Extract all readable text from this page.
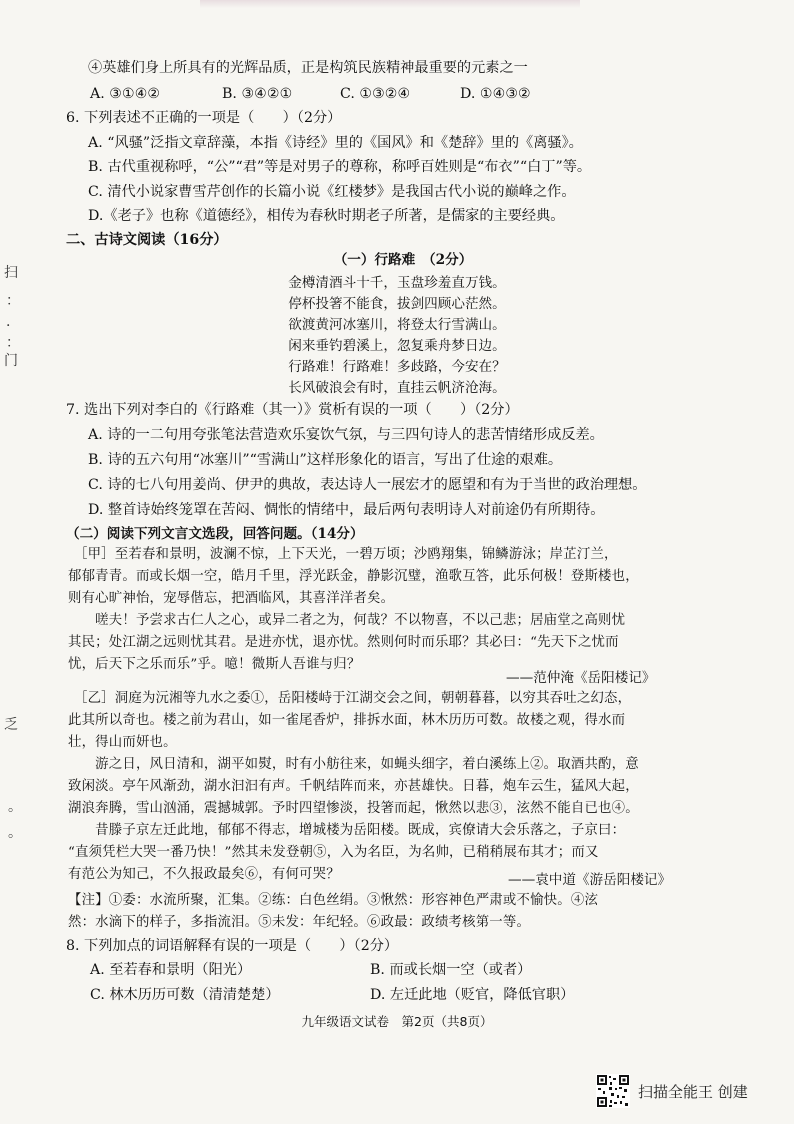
扫
：
·
：
门
乏
。
。
④英雄们身上所具有的光辉品质，正是构筑民族精神最重要的元素之一
A. ③①④②	B. ③④②①	C. ①③②④	D. ①④③②
6. 下列表述不正确的一项是（　　）（2分）
A. “风骚”泛指文章辞藻，本指《诗经》里的《国风》和《楚辞》里的《离骚》。
B. 古代重视称呼，“公”“君”等是对男子的尊称，称呼百姓则是“布衣”“白丁”等。
C. 清代小说家曹雪芹创作的长篇小说《红楼梦》是我国古代小说的巅峰之作。
D.《老子》也称《道德经》，相传为春秋时期老子所著，是儒家的主要经典。
二、古诗文阅读（16分）
（一）行路难　（2分）
金樽清酒斗十千，玉盘珍羞直万钱。
停杯投箸不能食，拔剑四顾心茫然。
欲渡黄河冰塞川，将登太行雪满山。
闲来垂钓碧溪上，忽复乘舟梦日边。
行路难！行路难！多歧路，今安在？
长风破浪会有时，直挂云帆济沧海。
7. 选出下列对李白的《行路难（其一）》赏析有误的一项（　　）（2分）
A. 诗的一二句用夸张笔法营造欢乐宴饮气氛，与三四句诗人的悲苦情绪形成反差。
B. 诗的五六句用“冰塞川”“雪满山”这样形象化的语言，写出了仕途的艰难。
C. 诗的七八句用姜尚、伊尹的典故，表达诗人一展宏才的愿望和有为于当世的政治理想。
D. 整首诗始终笼罩在苦闷、惆怅的情绪中，最后两句表明诗人对前途仍有所期待。
（二）阅读下列文言文选段，回答问题。（14分）
［甲］至若春和景明，波澜不惊，上下天光，一碧万顷；沙鸥翔集，锦鳞游泳；岸芷汀兰，
郁郁青青。而或长烟一空，皓月千里，浮光跃金，静影沉璧，渔歌互答，此乐何极！登斯楼也，
则有心旷神怡，宠辱偕忘，把酒临风，其喜洋洋者矣。
　　嗟夫！予尝求古仁人之心，或异二者之为，何哉？不以物喜，不以己悲；居庙堂之高则忧
其民；处江湖之远则忧其君。是进亦忧，退亦忧。然则何时而乐耶？其必曰：“先天下之忧而
忧，后天下之乐而乐”乎。噫！微斯人吾谁与归？
——范仲淹《岳阳楼记》
［乙］洞庭为沅湘等九水之委①，岳阳楼峙于江湖交会之间，朝朝暮暮，以穷其吞吐之幻态，
此其所以奇也。楼之前为君山，如一雀尾香炉，排拆水面，林木历历可数。故楼之观，得水而
壮，得山而妍也。
　　游之日，风日清和，湖平如熨，时有小舫往来，如蝇头细字，着白溪练上②。取酒共酌，意
致闲淡。亭午风渐劲，湖水汩汩有声。千帆结阵而来，亦甚雄快。日暮，炮车云生，猛风大起，
湖浪奔腾，雪山汹涌，震撼城郭。予时四望惨淡，投箸而起，愀然以悲③，泫然不能自已也④。
　　昔滕子京左迁此地，郁郁不得志，增城楼为岳阳楼。既成，宾僚请大会乐落之，子京曰：
“直须凭栏大哭一番乃快！”然其未发登朝⑤，入为名臣，为名帅，已稍稍展布其才；而又
有范公为知己，不久报政最矣⑥，有何可哭？	——袁中道《游岳阳楼记》
【注】①委：水流所聚，汇集。②练：白色丝绢。③愀然：形容神色严肃或不愉快。④泫
然：水滴下的样子，多指流泪。⑤未发：年纪轻。⑥政最：政绩考核第一等。
8. 下列加点的词语解释有误的一项是（　　）（2分）
A. 至若春和景明（阳光）	B. 而或长烟一空（或者）
C. 林木历历可数（清清楚楚）	D. 左迁此地（贬官，降低官职）
九年级语文试卷　第2页（共8页）
扫描全能王 创建
